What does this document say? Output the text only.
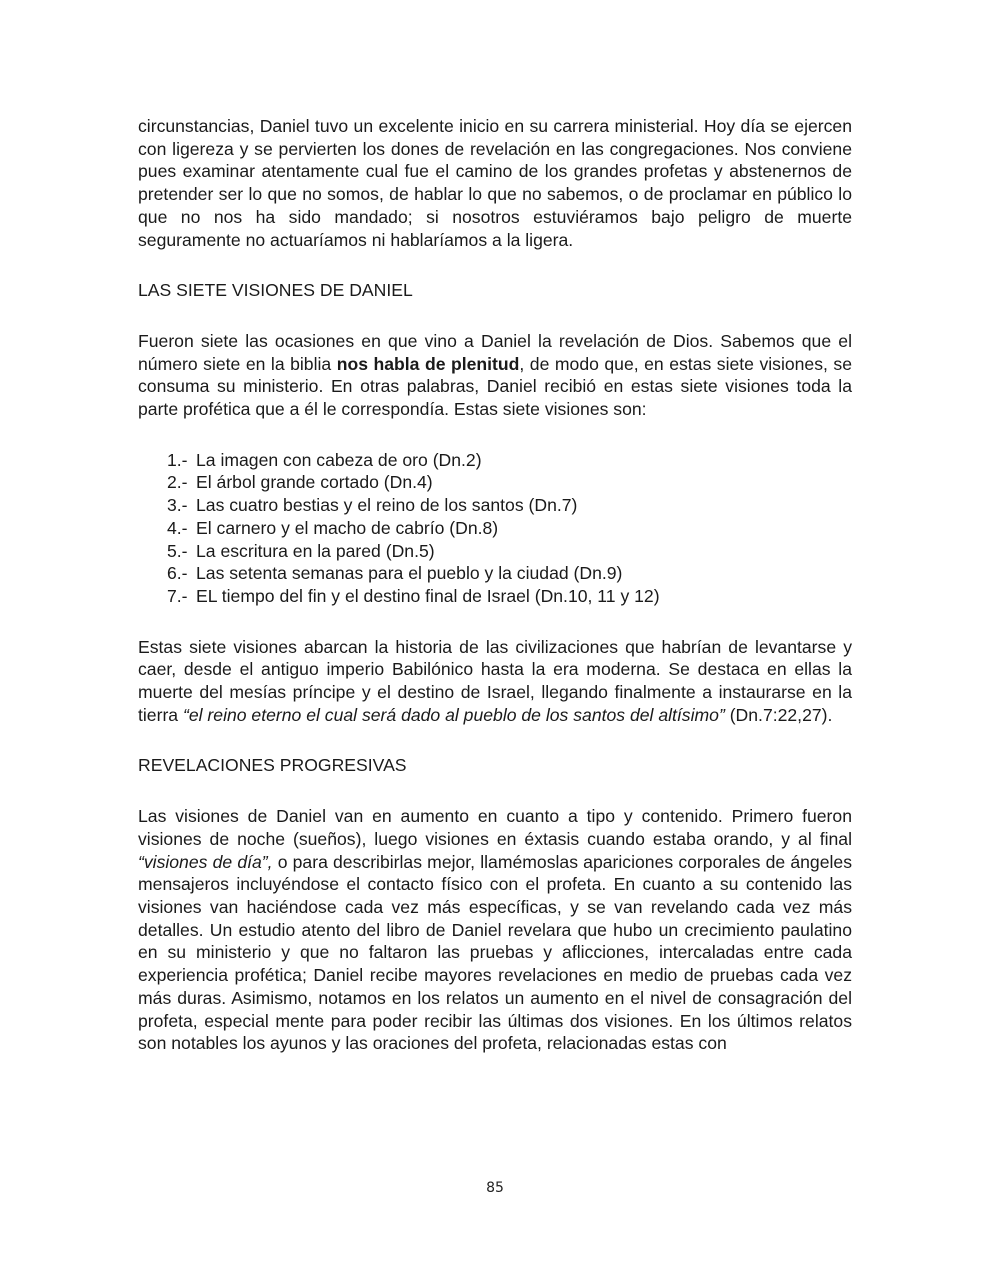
circunstancias, Daniel tuvo un excelente inicio en su carrera ministerial. Hoy día se ejercen con ligereza y se pervierten los dones de revelación en las congregaciones. Nos conviene pues examinar atentamente cual fue el camino de los grandes profetas y abstenernos de pretender ser lo que no somos, de hablar lo que no sabemos, o de proclamar en público lo que no nos ha sido mandado; si nosotros estuviéramos bajo peligro de muerte seguramente no actuaríamos ni hablaríamos a la ligera.

LAS SIETE VISIONES DE DANIEL

Fueron siete las ocasiones en que vino a Daniel la revelación de Dios. Sabemos que el número siete en la biblia nos habla de plenitud, de modo que, en estas siete visiones, se consuma su ministerio. En otras palabras, Daniel recibió en estas siete visiones toda la parte profética que a él le correspondía. Estas siete visiones son:

1.- La imagen con cabeza de oro (Dn.2)
2.- El árbol grande cortado (Dn.4)
3.- Las cuatro bestias y el reino de los santos (Dn.7)
4.- El carnero y el macho de cabrío (Dn.8)
5.- La escritura en la pared (Dn.5)
6.- Las setenta semanas para el pueblo y la ciudad (Dn.9)
7.- EL tiempo del fin y el destino final de Israel (Dn.10, 11 y 12)

Estas siete visiones abarcan la historia de las civilizaciones que habrían de levantarse y caer, desde el antiguo imperio Babilónico hasta la era moderna. Se destaca en ellas la muerte del mesías príncipe y el destino de Israel, llegando finalmente a instaurarse en la tierra “el reino eterno el cual será dado al pueblo de los santos del altísimo” (Dn.7:22,27).

REVELACIONES PROGRESIVAS

Las visiones de Daniel van en aumento en cuanto a tipo y contenido. Primero fueron visiones de noche (sueños), luego visiones en éxtasis cuando estaba orando, y al final “visiones de día”, o para describirlas mejor, llamémoslas apariciones corporales de ángeles mensajeros incluyéndose el contacto físico con el profeta. En cuanto a su contenido las visiones van haciéndose cada vez más específicas, y se van revelando cada vez más detalles. Un estudio atento del libro de Daniel revelara que hubo un crecimiento paulatino en su ministerio y que no faltaron las pruebas y aflicciones, intercaladas entre cada experiencia profética; Daniel recibe mayores revelaciones en medio de pruebas cada vez más duras. Asimismo, notamos en los relatos un aumento en el nivel de consagración del profeta, especial mente para poder recibir las últimas dos visiones. En los últimos relatos son notables los ayunos y las oraciones del profeta, relacionadas estas con

85
